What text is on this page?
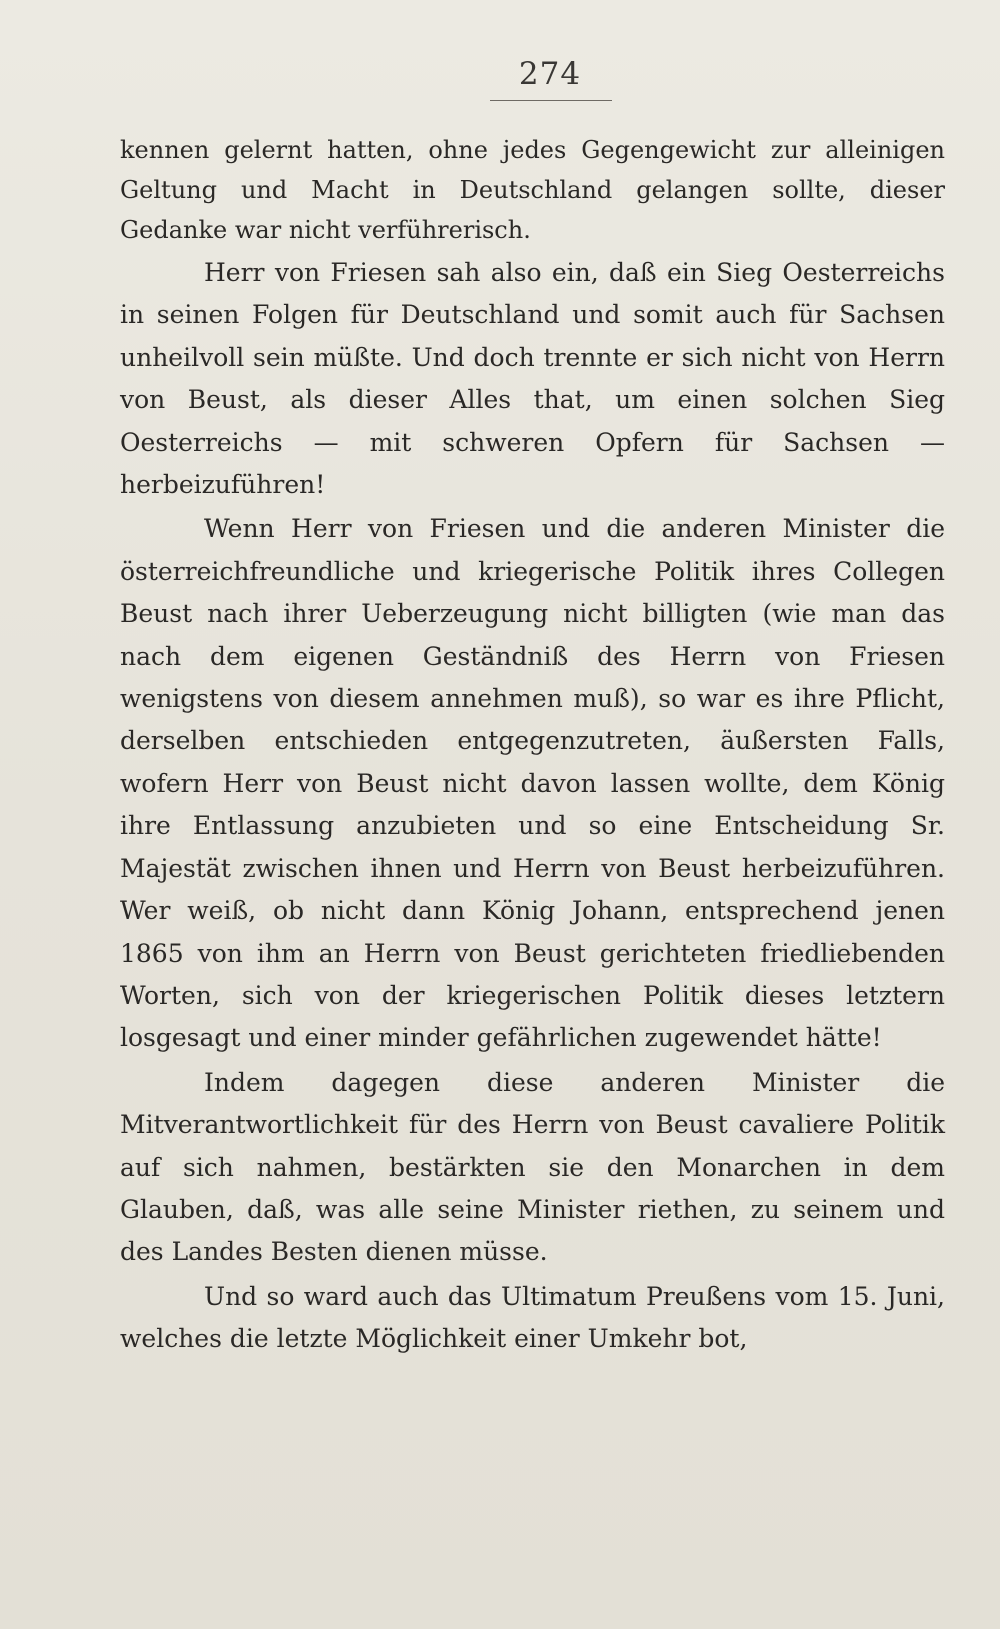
274

kennen gelernt hatten, ohne jedes Gegengewicht zur alleinigen Geltung und Macht in Deutschland gelangen sollte, dieser Gedanke war nicht verführerisch.

Herr von Friesen sah also ein, daß ein Sieg Oesterreichs in seinen Folgen für Deutschland und somit auch für Sachsen unheilvoll sein müßte. Und doch trennte er sich nicht von Herrn von Beust, als dieser Alles that, um einen solchen Sieg Oesterreichs — mit schweren Opfern für Sachsen — herbeizuführen!

Wenn Herr von Friesen und die anderen Minister die österreichfreundliche und kriegerische Politik ihres Collegen Beust nach ihrer Ueberzeugung nicht billigten (wie man das nach dem eigenen Geständniß des Herrn von Friesen wenigstens von diesem annehmen muß), so war es ihre Pflicht, derselben entschieden entgegenzutreten, äußersten Falls, wofern Herr von Beust nicht davon lassen wollte, dem König ihre Entlassung anzubieten und so eine Entscheidung Sr. Majestät zwischen ihnen und Herrn von Beust herbeizuführen. Wer weiß, ob nicht dann König Johann, entsprechend jenen 1865 von ihm an Herrn von Beust gerichteten friedliebenden Worten, sich von der kriegerischen Politik dieses letztern losgesagt und einer minder gefährlichen zugewendet hätte!

Indem dagegen diese anderen Minister die Mitverantwortlichkeit für des Herrn von Beust cavaliere Politik auf sich nahmen, bestärkten sie den Monarchen in dem Glauben, daß, was alle seine Minister riethen, zu seinem und des Landes Besten dienen müsse.

Und so ward auch das Ultimatum Preußens vom 15. Juni, welches die letzte Möglichkeit einer Umkehr bot,
